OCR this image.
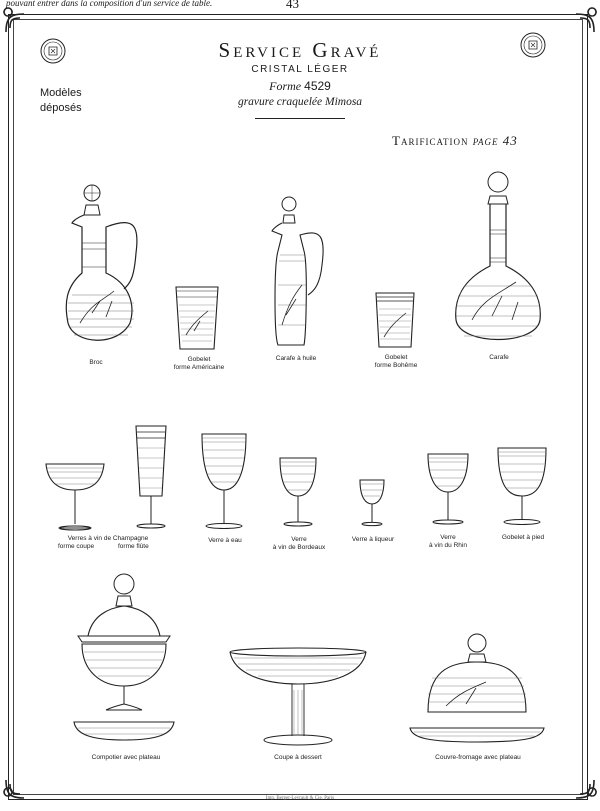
pouvant entrer dans la composition d'un service de table.	43
Service Gravé
CRISTAL LÉGER
Forme 4529
gravure craquelée Mimosa
Modèles
déposés
Tarification page 43
Broc	Gobelet
forme Américaine
Carafe à huile	Gobelet
forme Bohême
Carafe
Verres à vin de Champagne
forme coupe	forme flûte
Verre à eau	Verre
à vin de Bordeaux
Verre à liqueur	Verre
à vin du Rhin
Gobelet à pied
Compotier avec plateau	Coupe à dessert	Couvre-fromage avec plateau
Imp. Berger-Levrault & Cie, Paris
